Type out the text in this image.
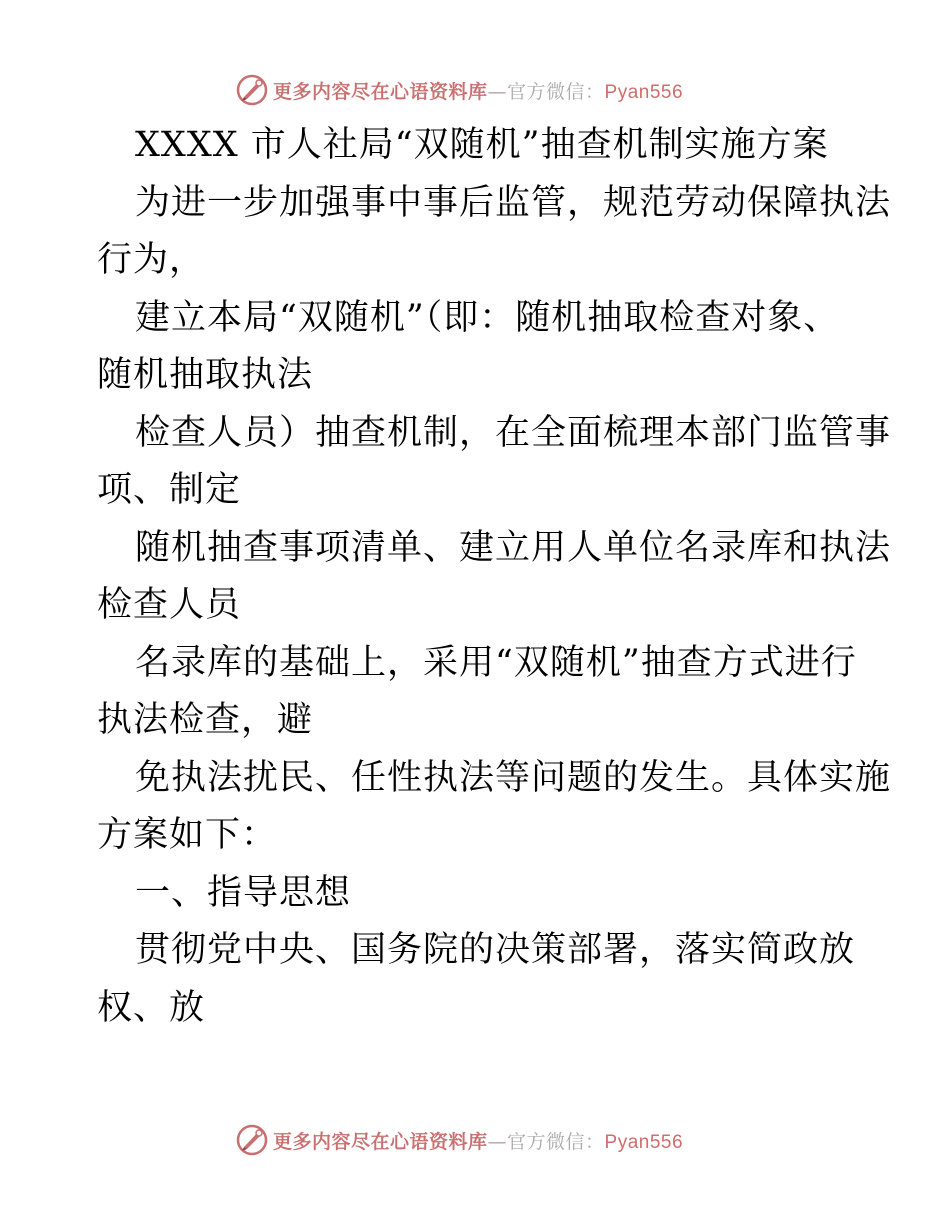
更多内容尽在心语资料库—官方微信：Pyan556
XXXX 市人社局“双随机”抽查机制实施方案
为进一步加强事中事后监管，规范劳动保障执法
行为，
建立本局“双随机”（即：随机抽取检查对象、
随机抽取执法
检查人员）抽查机制，在全面梳理本部门监管事
项、制定
随机抽查事项清单、建立用人单位名录库和执法
检查人员
名录库的基础上，采用“双随机”抽查方式进行
执法检查，避
免执法扰民、任性执法等问题的发生。具体实施
方案如下：
一、指导思想
贯彻党中央、国务院的决策部署，落实简政放
权、放
更多内容尽在心语资料库—官方微信：Pyan556
